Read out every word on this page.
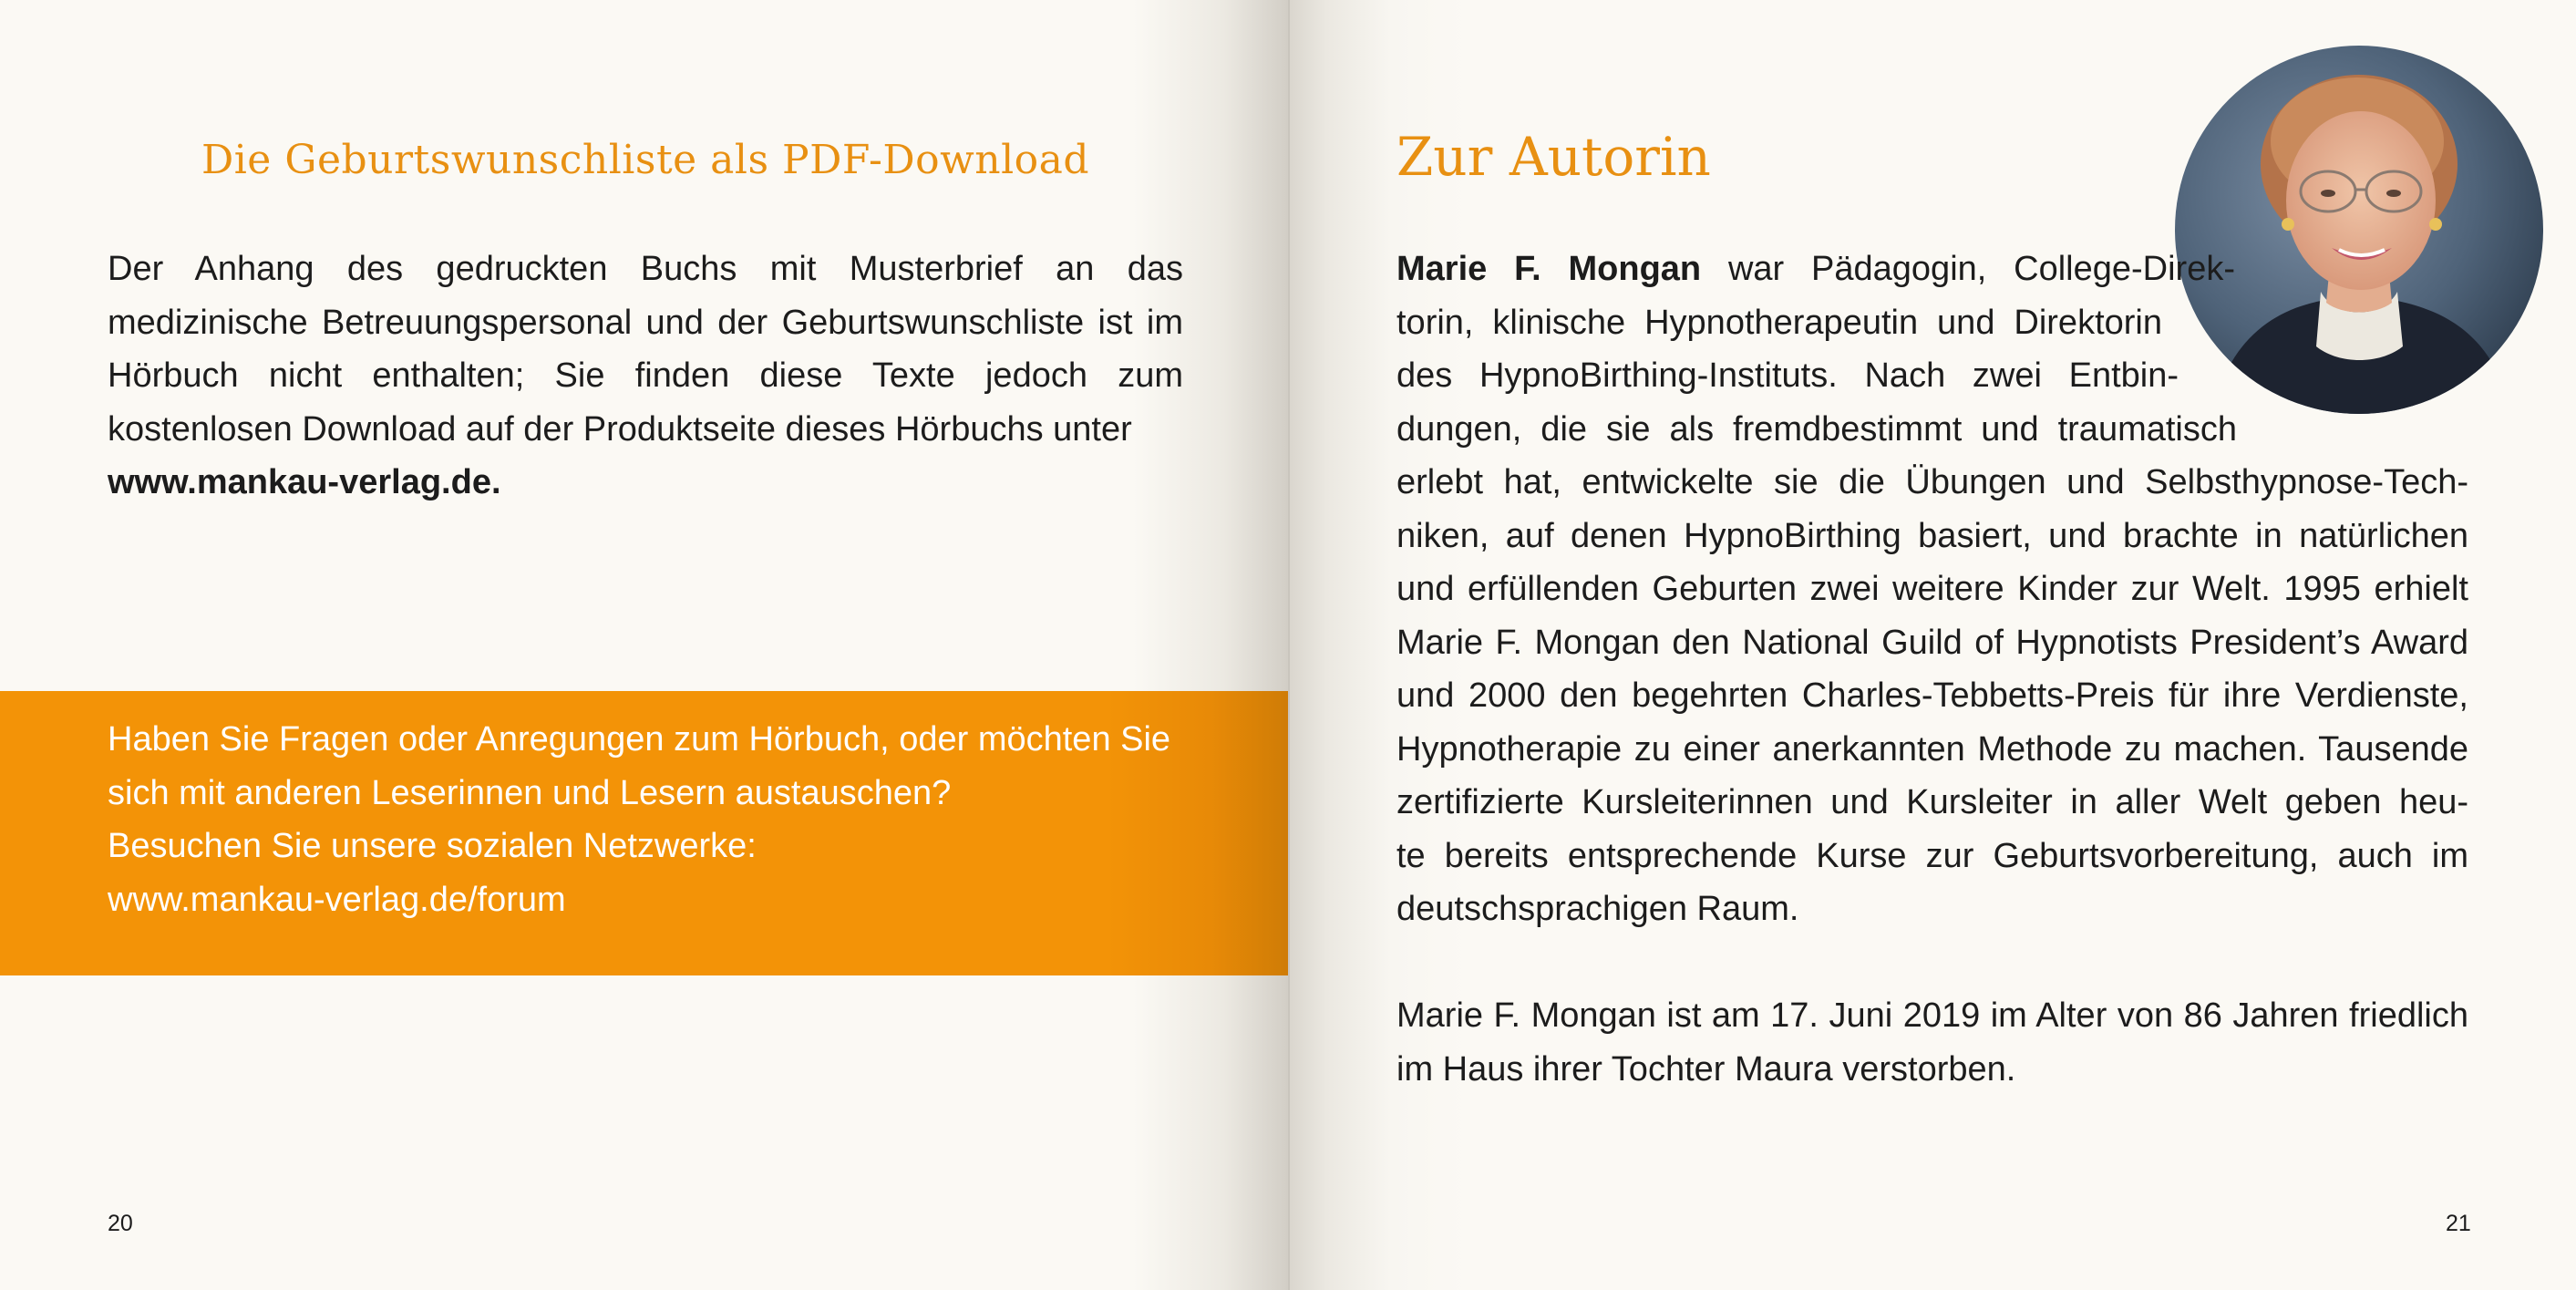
Die Geburtswunschliste als PDF-Download

Der Anhang des gedruckten Buchs mit Musterbrief an das medizinische Betreuungspersonal und der Geburtswunschliste ist im Hörbuch nicht enthalten; Sie finden diese Texte jedoch zum kostenlosen Download auf der Produktseite dieses Hörbuchs unter
www.mankau-verlag.de.

Haben Sie Fragen oder Anregungen zum Hörbuch, oder möchten Sie
sich mit anderen Leserinnen und Lesern austauschen?
Besuchen Sie unsere sozialen Netzwerke:
www.mankau-verlag.de/forum
20
Zur Autorin
Marie F. Mongan war Pädagogin, College-Direk-
torin, klinische Hypnotherapeutin und Direktorin
des HypnoBirthing-Instituts. Nach zwei Entbin-
dungen, die sie als fremdbestimmt und traumatisch
erlebt hat, entwickelte sie die Übungen und Selbsthypnose-Tech-
niken, auf denen HypnoBirthing basiert, und brachte in natürlichen
und erfüllenden Geburten zwei weitere Kinder zur Welt. 1995 erhielt
Marie F. Mongan den National Guild of Hypnotists President’s Award
und 2000 den begehrten Charles-Tebbetts-Preis für ihre Verdienste,
Hypnotherapie zu einer anerkannten Methode zu machen. Tausende
zertifizierte Kursleiterinnen und Kursleiter in aller Welt geben heu-
te bereits entsprechende Kurse zur Geburtsvorbereitung, auch im
deutschsprachigen Raum.
Marie F. Mongan ist am 17. Juni 2019 im Alter von 86 Jahren friedlich
im Haus ihrer Tochter Maura verstorben.
21
